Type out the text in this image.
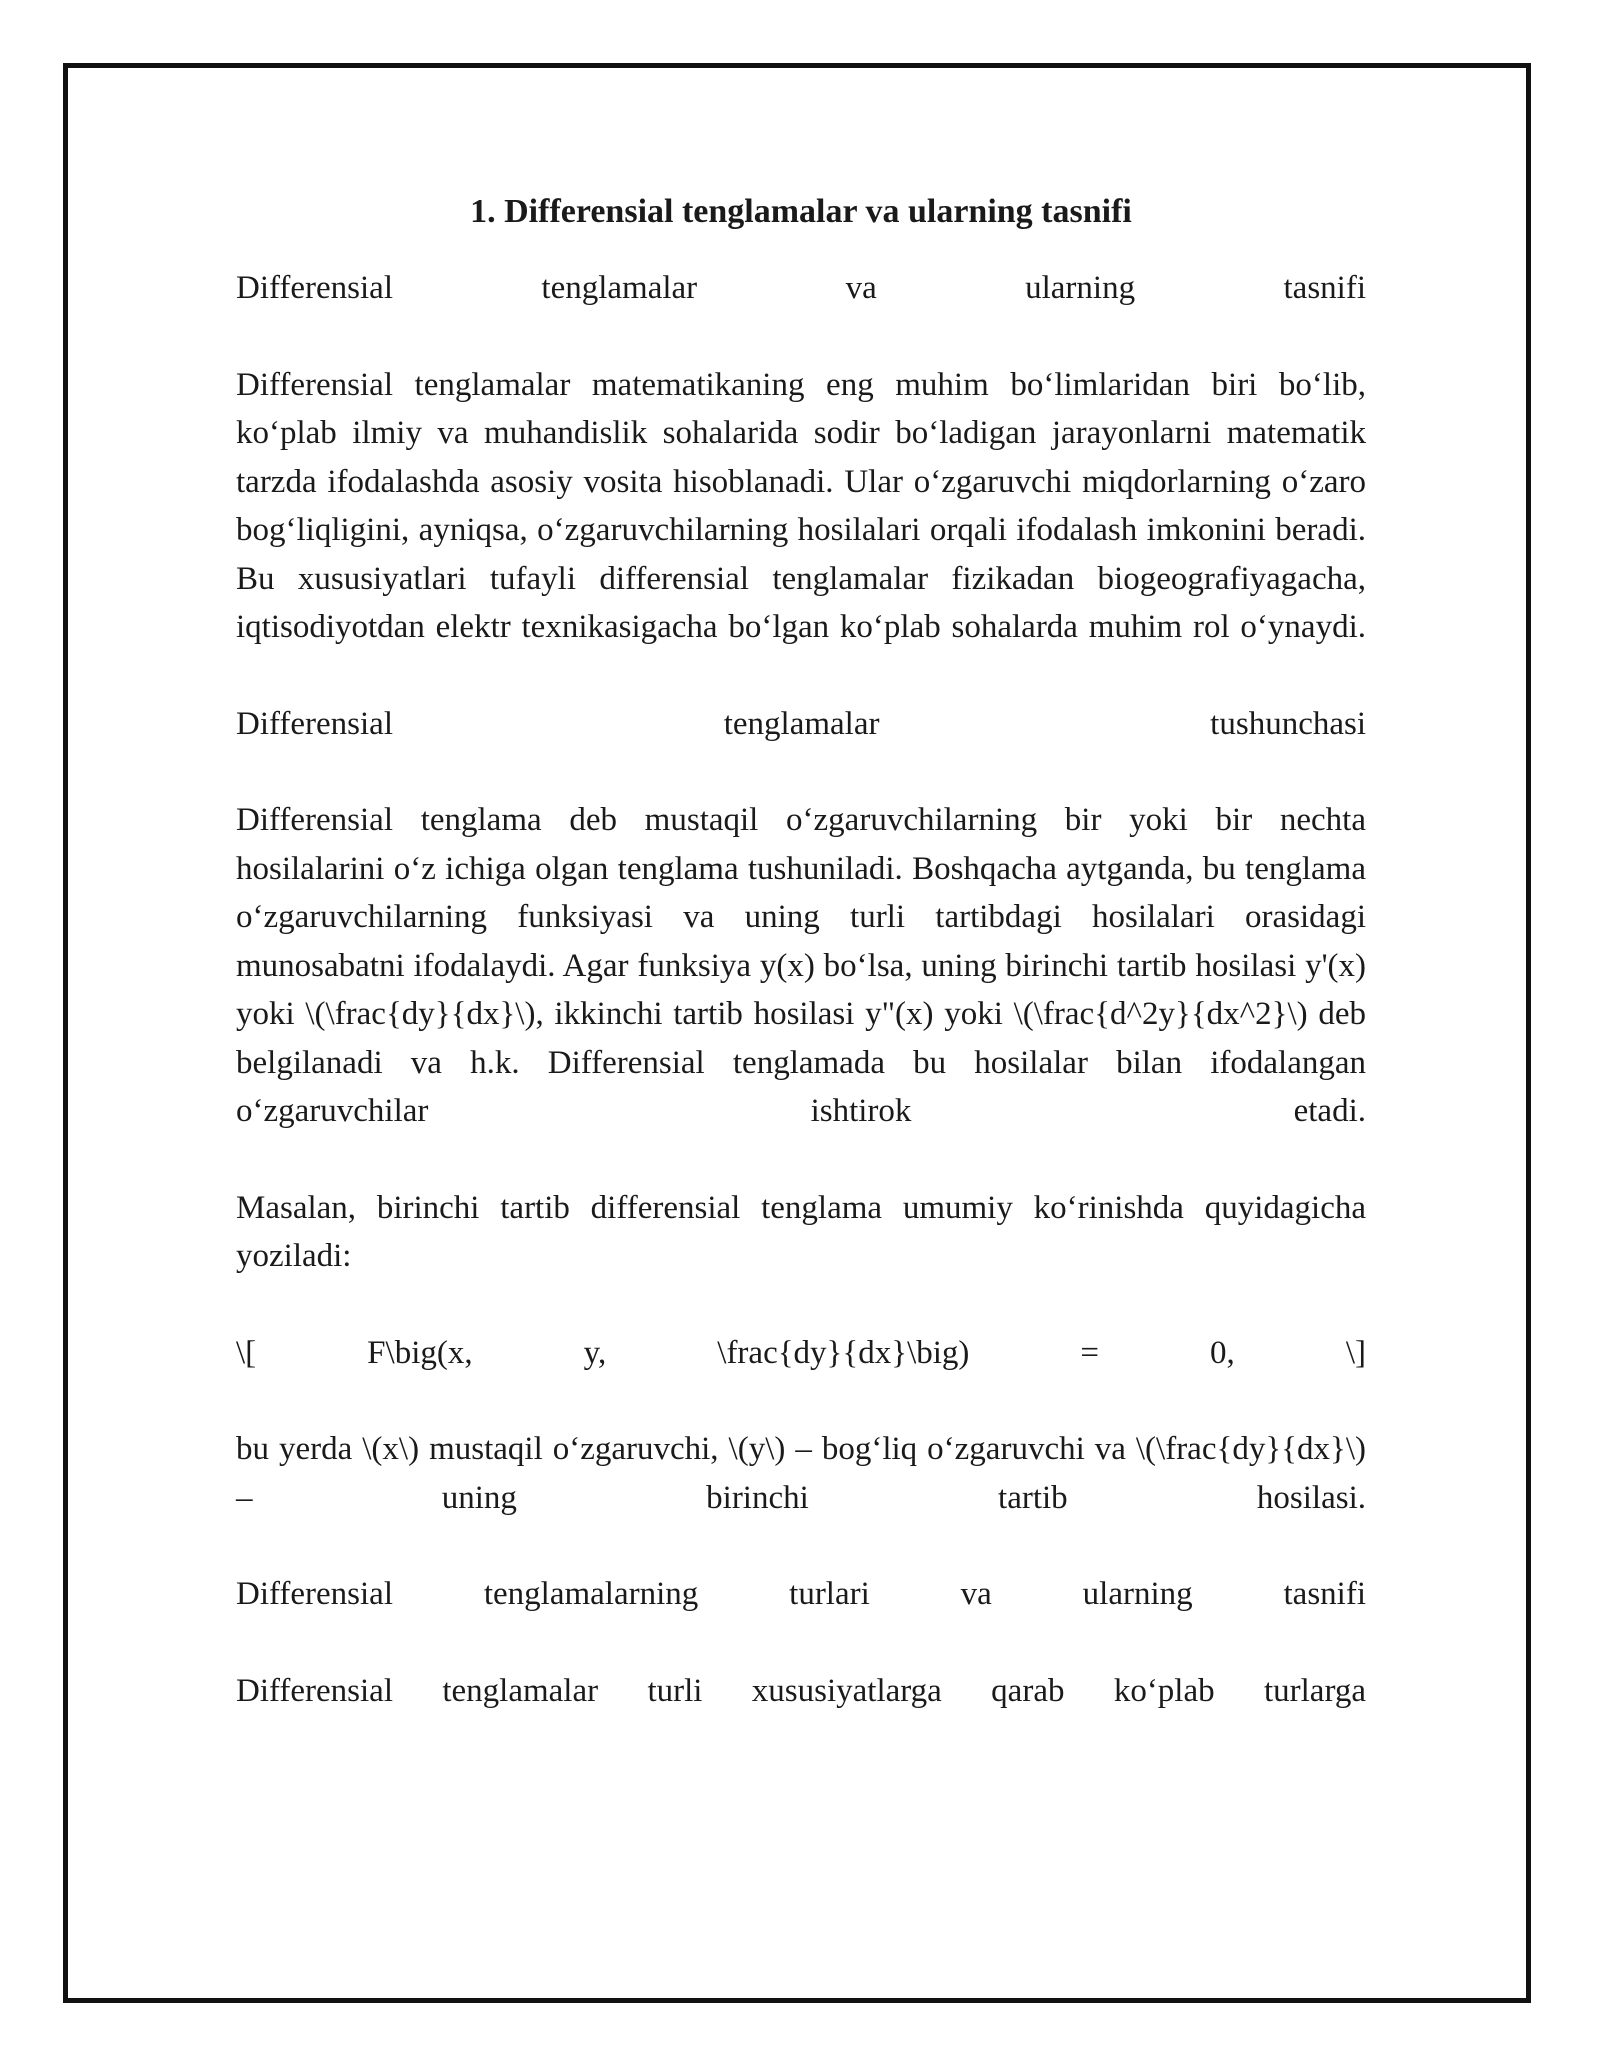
1. Differensial tenglamalar va ularning tasnifi

Differensial tenglamalar va ularning tasnifi

Differensial tenglamalar matematikaning eng muhim bo‘limlaridan biri bo‘lib, ko‘plab ilmiy va muhandislik sohalarida sodir bo‘ladigan jarayonlarni matematik tarzda ifodalashda asosiy vosita hisoblanadi. Ular o‘zgaruvchi miqdorlarning o‘zaro bog‘liqligini, ayniqsa, o‘zgaruvchilarning hosilalari orqali ifodalash imkonini beradi. Bu xususiyatlari tufayli differensial tenglamalar fizikadan biogeografiyagacha, iqtisodiyotdan elektr texnikasigacha bo‘lgan ko‘plab sohalarda muhim rol o‘ynaydi.

Differensial tenglamalar tushunchasi

Differensial tenglama deb mustaqil o‘zgaruvchilarning bir yoki bir nechta hosilalarini o‘z ichiga olgan tenglama tushuniladi. Boshqacha aytganda, bu tenglama o‘zgaruvchilarning funksiyasi va uning turli tartibdagi hosilalari orasidagi munosabatni ifodalaydi. Agar funksiya y(x) bo‘lsa, uning birinchi tartib hosilasi y'(x) yoki \(\frac{dy}{dx}\), ikkinchi tartib hosilasi y"(x) yoki \(\frac{d^2y}{dx^2}\) deb belgilanadi va h.k. Differensial tenglamada bu hosilalar bilan ifodalangan o‘zgaruvchilar ishtirok etadi.

Masalan, birinchi tartib differensial tenglama umumiy ko‘rinishda quyidagicha yoziladi:

\[ F\big(x, y, \frac{dy}{dx}\big) = 0, \]

bu yerda \(x\) mustaqil o‘zgaruvchi, \(y\) – bog‘liq o‘zgaruvchi va \(\frac{dy}{dx}\) – uning birinchi tartib hosilasi.

Differensial tenglamalarning turlari va ularning tasnifi

Differensial tenglamalar turli xususiyatlarga qarab ko‘plab turlarga
